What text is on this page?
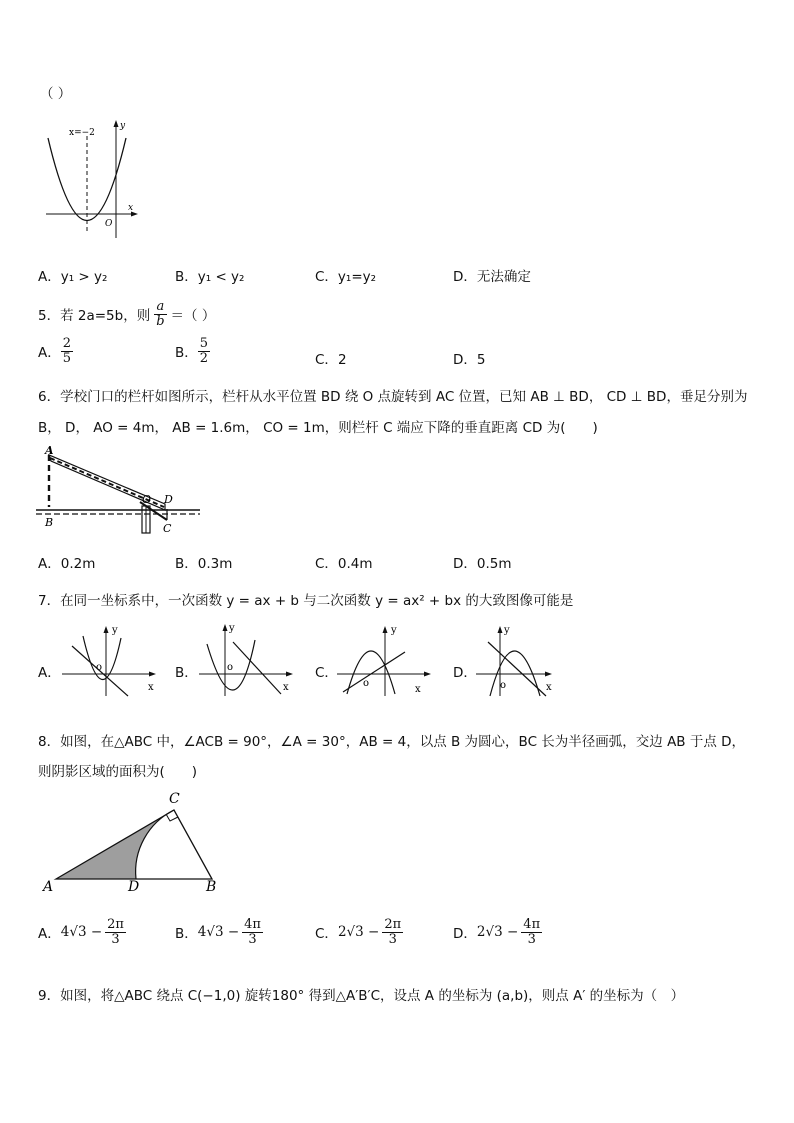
（ ）
x=−2
y
x
O
A．y₁ > y₂	B．y₁ < y₂	C．y₁=y₂	D．无法确定
5．若 2a=5b，则 $\frac{a}{b}$ ＝（ ）
A． $\frac{2}{5}$	B． $\frac{5}{2}$	C．2	D．5
6．学校门口的栏杆如图所示，栏杆从水平位置 BD 绕 O 点旋转到 AC 位置，已知 AB ⊥ BD， CD ⊥ BD，垂足分别为
B， D， AO = 4m， AB = 1.6m， CO = 1m，则栏杆 C 端应下降的垂直距离 CD 为(　　)
A
B
O D
C
A．0.2m	B．0.3m	C．0.4m	D．0.5m
7．在同一坐标系中，一次函数 y = ax + b 与二次函数 y = ax² + bx 的大致图像可能是
A．
y
x
o	B．
y
x
o	C．
y
x
o
D．
y
x
o
8．如图，在△ABC 中，∠ACB = 90°，∠A = 30°，AB = 4，以点 B 为圆心，BC 长为半径画弧，交边 AB 于点 D，
则阴影区域的面积为(　　)
A
C
B
D
A． $4√3 - \frac{2\pi}{3}$	B． $4√3 - \frac{4\pi}{3}$	C． $2√3 - \frac{2\pi}{3}$	D． $2√3 - \frac{4\pi}{3}$
9．如图，将△ABC 绕点 C(−1,0) 旋转180° 得到△A′B′C，设点 A 的坐标为 (a,b)，则点 A′ 的坐标为（　）
